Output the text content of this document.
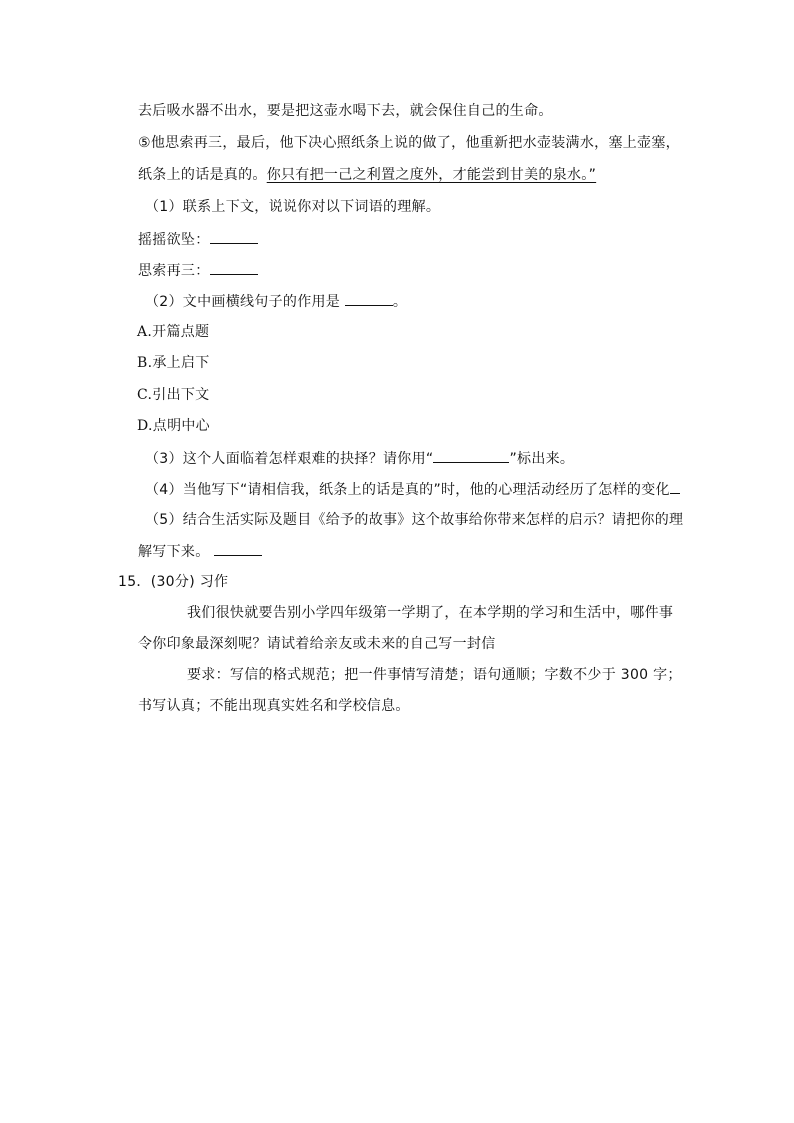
去后吸水器不出水，要是把这壶水喝下去，就会保住自己的生命。
⑤他思索再三，最后，他下决心照纸条上说的做了，他重新把水壶装满水，塞上壶塞，
纸条上的话是真的。你只有把一己之利置之度外，才能尝到甘美的泉水。”
（1）联系上下文，说说你对以下词语的理解。
摇摇欲坠：
思索再三：
（2）文中画横线句子的作用是	。
A.开篇点题
B.承上启下
C.引出下文
D.点明中心
（3）这个人面临着怎样艰难的抉择？请你用“	”标出来。
（4）当他写下“请相信我，纸条上的话是真的”时，他的心理活动经历了怎样的变化
（5）结合生活实际及题目《给予的故事》这个故事给你带来怎样的启示？请把你的理
解写下来。
15．(30分) 习作
我们很快就要告别小学四年级第一学期了，在本学期的学习和生活中，哪件事
令你印象最深刻呢？请试着给亲友或未来的自己写一封信
要求：写信的格式规范；把一件事情写清楚；语句通顺；字数不少于 300 字；
书写认真；不能出现真实姓名和学校信息。
